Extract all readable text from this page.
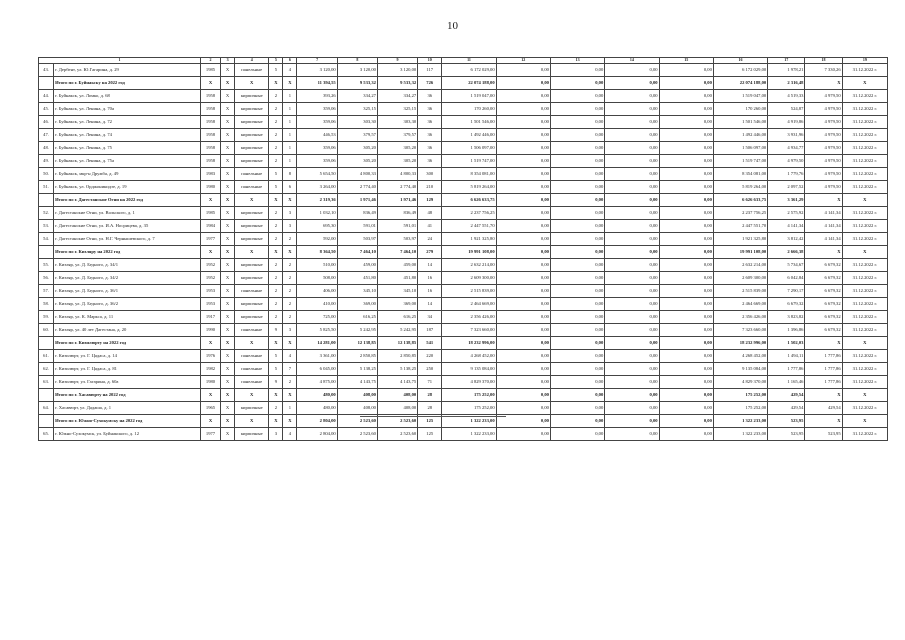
10
1		2	3	4	5	6	7	8	9	10	11	12	13	14	15	16	17	18	19
43.	г. Дербент, ул. Ю.Гагарина, д. 29	1985	X	панельные	5	4	3 120,00	3 120,00	3 120,00	117	6 172 029,00	0,00	0,00	0,00	0,00	6 172 029,00	1 978,21	7 330,26	31.12.2022 г.
	Итого по г. Буйнакску на 2022 год	X	X	X	X	X	11 394,55	9 533,32	9 533,32	726	22 074 188,00	0,00	0,00	0,00	0,00	22 074 188,00	2 316,48	X	X
44.	г. Буйнакск, ул. Ломко, д. 68	1958	X	кирпичные	2	1	393,26	334,27	334,27	36	1 519 047,00	0,00	0,00	0,00	0,00	1 519 047,00	4 519,33	4 979,50	31.12.2022 г.
45.	г. Буйнакск, ул. Ленина, д. 70а	1958	X	кирпичные	2	1	359,06	325,15	325,15	36	170 260,00	0,00	0,00	0,00	0,00	170 260,00	524,87	4 979,50	31.12.2022 г.
46.	г. Буйнакск, ул. Ленина, д. 72	1958	X	кирпичные	2	1	359,06	303,30	303,30	36	1 501 546,00	0,00	0,00	0,00	0,00	1 501 546,00	4 919,86	4 979,50	31.12.2022 г.
47.	г. Буйнакск, ул. Ленина, д. 74	1958	X	кирпичные	2	1	446,53	379,57	379,57	36	1 492 446,00	0,00	0,00	0,00	0,00	1 492 446,00	3 931,96	4 979,50	31.12.2022 г.
48.	г. Буйнакск, ул. Ленина, д. 75	1958	X	кирпичные	2	1	359,06	305,20	305,20	36	1 506 097,00	0,00	0,00	0,00	0,00	1 506 097,00	4 934,77	4 979,50	31.12.2022 г.
49.	г. Буйнакск, ул. Ленина, д. 75а	1958	X	кирпичные	2	1	359,06	305,20	305,20	36	1 519 747,00	0,00	0,00	0,00	0,00	1 519 747,00	4 979,50	4 979,50	31.12.2022 г.
50.	г. Буйнакск, мкр-н Дружба, д. 49	1983	X	панельные	5	8	5 654,50	4 800,33	4 800,33	300	8 354 081,00	0,00	0,00	0,00	0,00	8 354 081,00	1 779,76	4 979,50	31.12.2022 г.
51.	г. Буйнакск, ул. Орджоникидзе, д. 19	1980	X	панельные	5	6	3 264,00	2 774,40	2 774,40	210	5 819 264,00	0,00	0,00	0,00	0,00	5 819 264,00	2 097,52	4 979,50	31.12.2022 г.
	Итого по г. Дагестанские Огни на 2022 год	X	X	X	X	X	2 319,36	1 971,46	1 971,46	129	6 626 633,75	0,00	0,00	0,00	0,00	6 626 633,75	3 361,29	X	X
52.	г. Дагестанские Огни, ул. Вольского, д. 1	1985	X	кирпичные	2	3	1 032,10	836,49	836,49	48	2 237 756,25	0,00	0,00	0,00	0,00	2 237 756,25	2 575,92	4 141,34	31.12.2022 г.
53.	г. Дагестанские Огни, ул. И.А. Носрицева, д. 35	1984	X	кирпичные	2	3	695,30	591,01	591,01	41	2 447 551,70	0,00	0,00	0,00	0,00	2 447 551,70	4 141,34	4 141,34	31.12.2022 г.
54.	г. Дагестанские Огни, ул. Н.Г. Чернышевского, д. 7	1977	X	кирпичные	2	2	592,00	503,97	503,97	24	1 921 325,80	0,00	0,00	0,00	0,00	1 921 325,80	3 812,42	4 141,34	31.12.2022 г.
	Итого по г. Кизляру на 2022 год	X	X	X	X	X	8 364,50	7 464,10	7 464,10	279	19 991 108,00	0,00	0,00	0,00	0,00	19 991 108,00	2 666,38	X	X
55.	г. Кизляр, ул. Д. Бедного, д. 34/1	1952	X	кирпичные	2	2	510,00	459,00	459,00	14	2 632 214,00	0,00	0,00	0,00	0,00	2 632 214,00	5 734,67	6 679,32	31.12.2022 г.
56.	г. Кизляр, ул. Д. Бедного, д. 34/2	1952	X	кирпичные	2	2	508,00	451,80	451,80	16	2 609 300,00	0,00	0,00	0,00	0,00	2 609 300,00	6 042,84	6 679,32	31.12.2022 г.
57.	г. Кизляр, ул. Д. Бедного, д. 36/1	1953	X	панельные	2	2	406,00	345,10	345,10	16	2 515 839,00	0,00	0,00	0,00	0,00	2 515 839,00	7 290,17	6 679,32	31.12.2022 г.
58.	г. Кизляр, ул. Д. Бедного, д. 36/2	1953	X	кирпичные	2	2	410,00	369,00	369,00	14	2 464 669,00	0,00	0,00	0,00	0,00	2 464 669,00	6 679,32	6 679,32	31.12.2022 г.
59.	г. Кизляр, ул. К. Маркса, д. 11	1917	X	кирпичные	2	2	725,00	616,25	616,25	34	2 356 426,00	0,00	0,00	0,00	0,00	2 356 426,00	3 823,82	6 679,32	31.12.2022 г.
60.	г. Кизляр, ул. 40 лет Дагестана, д. 20	1990	X	панельные	9	3	5 825,50	5 242,95	5 242,95	187	7 323 660,00	0,00	0,00	0,00	0,00	7 323 660,00	1 396,86	6 679,32	31.12.2022 г.
	Итого по г. Кизилюрту на 2022 год	X	X	X	X	X	14 281,00	12 138,85	12 138,85	541	18 232 996,00	0,00	0,00	0,00	0,00	18 232 996,00	1 502,03	X	X
61.	г. Кизилюрт, ул. Г. Цадаса, д. 14	1976	X	панельные	5	4	3 361,00	2 850,85	2 850,85	220	4 268 452,00	0,00	0,00	0,00	0,00	4 268 452,00	1 494,11	1 777,86	31.12.2022 г.
62.	г. Кизилюрт, ул. Г. Цадаса, д. 81	1982	X	панельные	5	7	6 045,00	5 138,25	5 138,25	250	9 135 084,00	0,00	0,00	0,00	0,00	9 135 084,00	1 777,86	1 777,86	31.12.2022 г.
63.	г. Кизилюрт, ул. Гагарина, д. 60а	1980	X	панельные	9	2	4 875,00	4 143,75	4 143,75	71	4 829 370,00	0,00	0,00	0,00	0,00	4 829 370,00	1 165,46	1 777,86	31.12.2022 г.
	Итого по г. Хасавюрту на 2022 год	X	X	X	X	X	480,00	408,00	408,00	28	175 252,00	0,00	0,00	0,00	0,00	175 252,00	429,54	X	X
64.	г. Хасавюрт, ул. Дадаша, д. 1	1965	X	кирпичные	2	1	480,00	408,00	408,00	28	175 252,00	0,00	0,00	0,00	0,00	175 252,00	429,54	429,54	31.12.2022 г.
	Итого по г. Южно-Сухокумску на 2022 год	X	X	X	X	X	2 804,00	2 523,60	2 523,60	125	1 322 233,00	0,00	0,00	0,00	0,00	1 322 233,00	523,95	X	X
65.	г. Южно-Сухокумск, ул. Буйнакского, д. 12	1977	X	кирпичные	3	4	2 804,00	2 523,60	2 523,60	125	1 322 233,00	0,00	0,00	0,00	0,00	1 322 233,00	523,95	523,95	31.12.2022 г.
